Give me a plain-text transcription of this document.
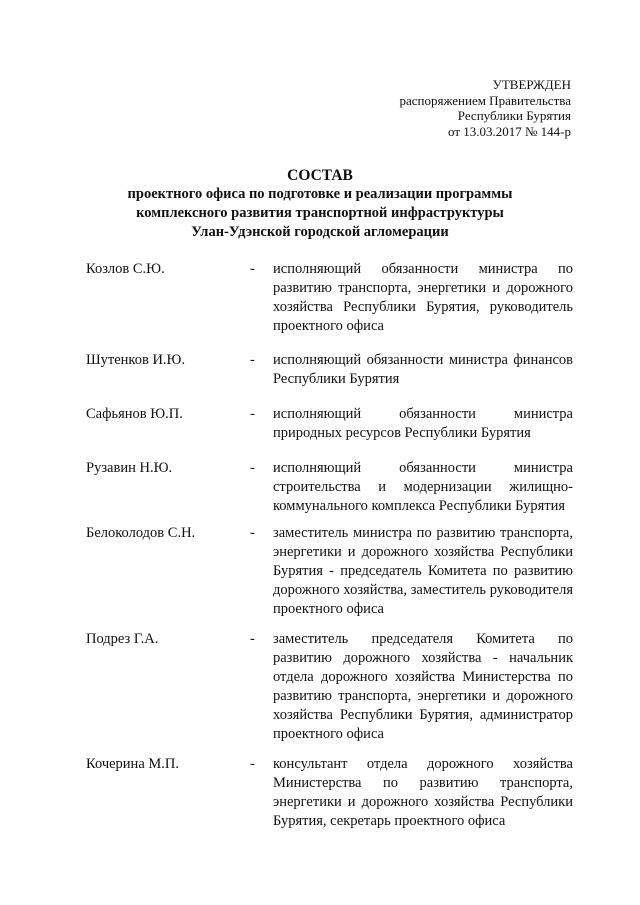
УТВЕРЖДЕН
распоряжением Правительства
Республики Бурятия
от 13.03.2017 № 144-р
СОСТАВ
проектного офиса по подготовке и реализации программы
комплексного развития транспортной инфраструктуры
Улан-Удэнской городской агломерации
Козлов С.Ю.	- исполняющий обязанности министра по развитию транспорта, энергетики и дорожного хозяйства Республики Бурятия, руководитель проектного офиса
Шутенков И.Ю.	- исполняющий обязанности министра финансов Республики Бурятия
Сафьянов Ю.П.	- исполняющий обязанности министра природных ресурсов Республики Бурятия
Рузавин Н.Ю.	- исполняющий обязанности министра строительства и модернизации жилищно-коммунального комплекса Республики Бурятия
Белоколодов С.Н.	- заместитель министра по развитию транспорта, энергетики и дорожного хозяйства Республики Бурятия - председатель Комитета по развитию дорожного хозяйства, заместитель руководителя проектного офиса
Подрез Г.А.	- заместитель председателя Комитета по развитию дорожного хозяйства - начальник отдела дорожного хозяйства Министерства по развитию транспорта, энергетики и дорожного хозяйства Республики Бурятия, администратор проектного офиса
Кочерина М.П.	- консультант отдела дорожного хозяйства Министерства по развитию транспорта, энергетики и дорожного хозяйства Республики Бурятия, секретарь проектного офиса
